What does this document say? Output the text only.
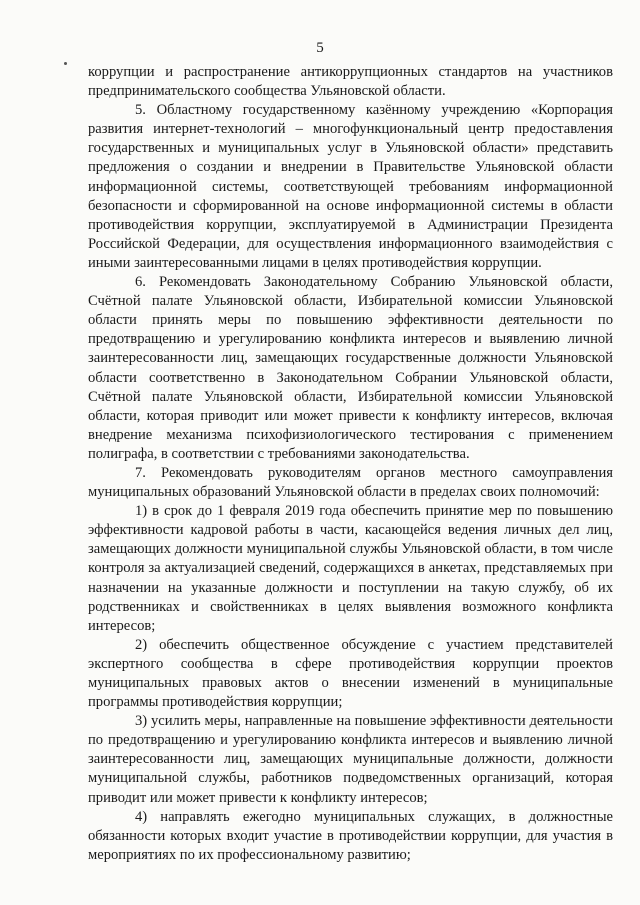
5

коррупции и распространение антикоррупционных стандартов на участников предпринимательского сообщества Ульяновской области.

5. Областному государственному казённому учреждению «Корпорация развития интернет-технологий – многофункциональный центр предоставления государственных и муниципальных услуг в Ульяновской области» представить предложения о создании и внедрении в Правительстве Ульяновской области информационной системы, соответствующей требованиям информационной безопасности и сформированной на основе информационной системы в области противодействия коррупции, эксплуатируемой в Администрации Президента Российской Федерации, для осуществления информационного взаимодействия с иными заинтересованными лицами в целях противодействия коррупции.

6. Рекомендовать Законодательному Собранию Ульяновской области, Счётной палате Ульяновской области, Избирательной комиссии Ульяновской области принять меры по повышению эффективности деятельности по предотвращению и урегулированию конфликта интересов и выявлению личной заинтересованности лиц, замещающих государственные должности Ульяновской области соответственно в Законодательном Собрании Ульяновской области, Счётной палате Ульяновской области, Избирательной комиссии Ульяновской области, которая приводит или может привести к конфликту интересов, включая внедрение механизма психофизиологического тестирования с применением полиграфа, в соответствии с требованиями законодательства.

7. Рекомендовать руководителям органов местного самоуправления муниципальных образований Ульяновской области в пределах своих полномочий:

1) в срок до 1 февраля 2019 года обеспечить принятие мер по повышению эффективности кадровой работы в части, касающейся ведения личных дел лиц, замещающих должности муниципальной службы Ульяновской области, в том числе контроля за актуализацией сведений, содержащихся в анкетах, представляемых при назначении на указанные должности и поступлении на такую службу, об их родственниках и свойственниках в целях выявления возможного конфликта интересов;

2) обеспечить общественное обсуждение с участием представителей экспертного сообщества в сфере противодействия коррупции проектов муниципальных правовых актов о внесении изменений в муниципальные программы противодействия коррупции;

3) усилить меры, направленные на повышение эффективности деятельности по предотвращению и урегулированию конфликта интересов и выявлению личной заинтересованности лиц, замещающих муниципальные должности, должности муниципальной службы, работников подведомственных организаций, которая приводит или может привести к конфликту интересов;

4) направлять ежегодно муниципальных служащих, в должностные обязанности которых входит участие в противодействии коррупции, для участия в мероприятиях по их профессиональному развитию;
